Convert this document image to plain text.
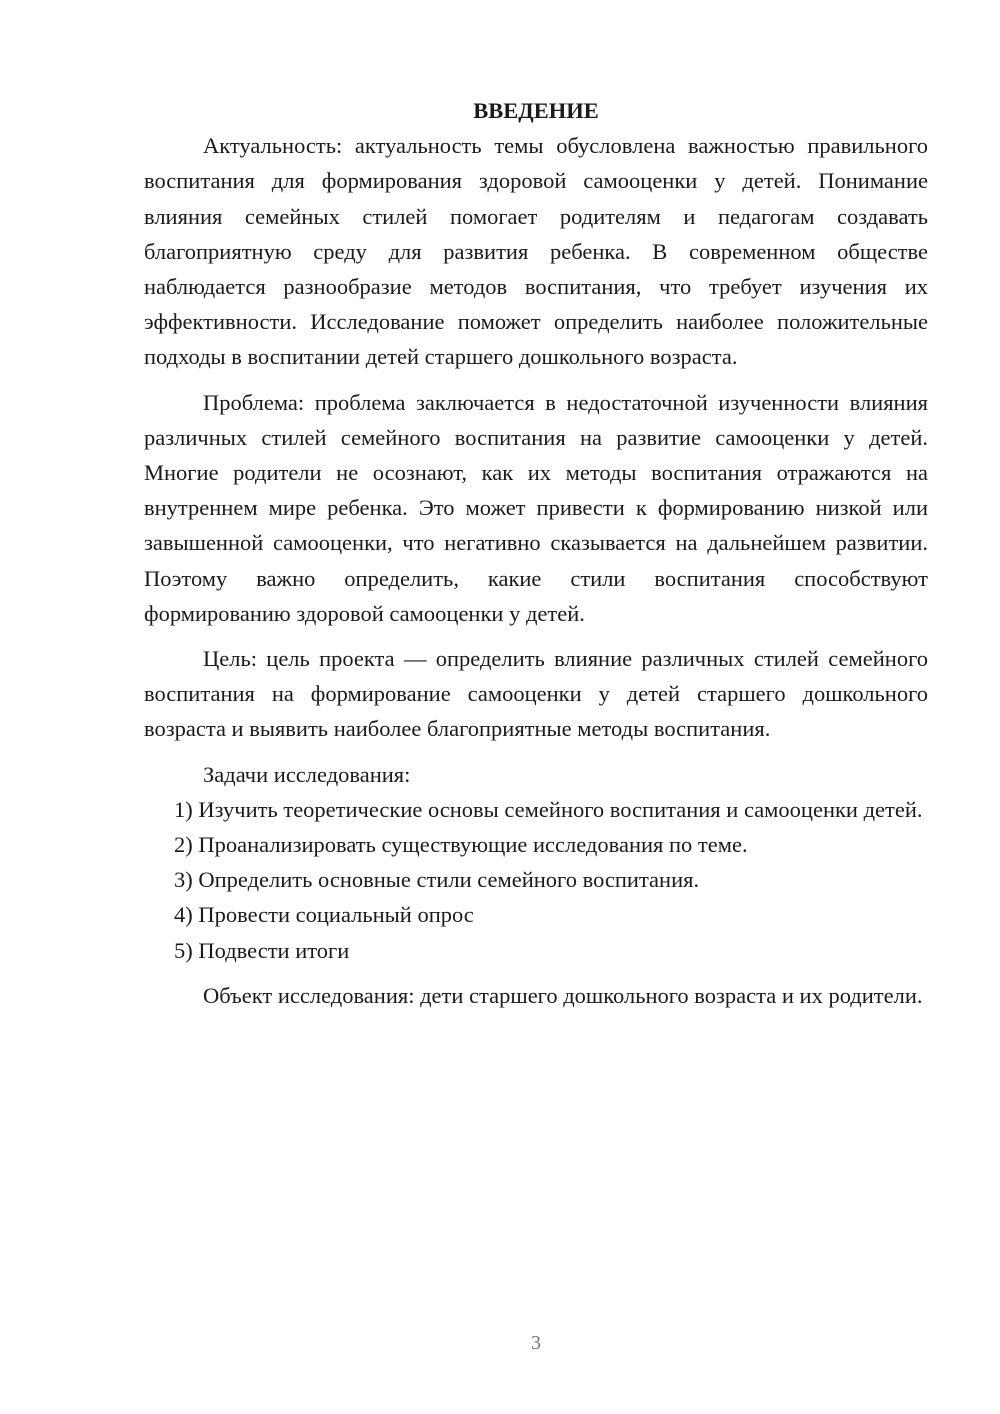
ВВЕДЕНИЕ

Актуальность: актуальность темы обусловлена важностью правильного воспитания для формирования здоровой самооценки у детей. Понимание влияния семейных стилей помогает родителям и педагогам создавать благоприятную среду для развития ребенка. В современном обществе наблюдается разнообразие методов воспитания, что требует изучения их эффективности. Исследование поможет определить наиболее положительные подходы в воспитании детей старшего дошкольного возраста.

Проблема: проблема заключается в недостаточной изученности влияния различных стилей семейного воспитания на развитие самооценки у детей. Многие родители не осознают, как их методы воспитания отражаются на внутреннем мире ребенка. Это может привести к формированию низкой или завышенной самооценки, что негативно сказывается на дальнейшем развитии. Поэтому важно определить, какие стили воспитания способствуют формированию здоровой самооценки у детей.

Цель: цель проекта — определить влияние различных стилей семейного воспитания на формирование самооценки у детей старшего дошкольного возраста и выявить наиболее благоприятные методы воспитания.

Задачи исследования:

1) Изучить теоретические основы семейного воспитания и самооценки детей.

2) Проанализировать существующие исследования по теме.

3) Определить основные стили семейного воспитания.

4) Провести социальный опрос

5) Подвести итоги

Объект исследования: дети старшего дошкольного возраста и их родители.

3
